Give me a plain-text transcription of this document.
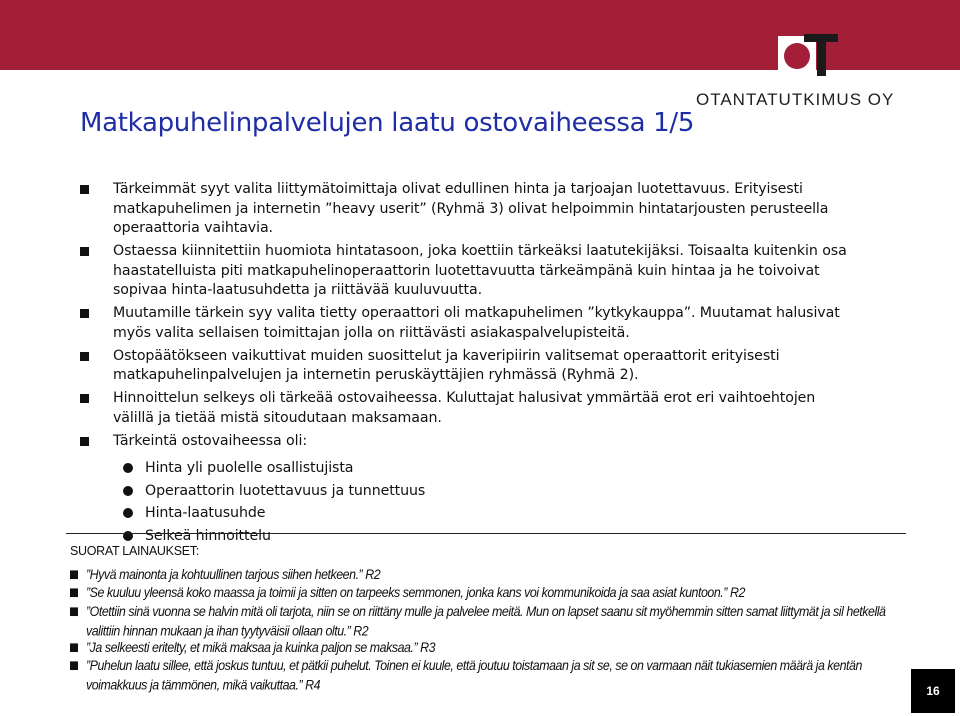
OTANTATUTKIMUS OY
Matkapuhelinpalvelujen laatu ostovaiheessa 1/5
Tärkeimmät syyt valita liittymätoimittaja olivat edullinen hinta ja tarjoajan luotettavuus. Erityisesti matkapuhelimen ja internetin ”heavy userit” (Ryhmä 3) olivat helpoimmin hintatarjousten perusteella operaattoria vaihtavia.
Ostaessa kiinnitettiin huomiota hintatasoon, joka koettiin tärkeäksi laatutekijäksi. Toisaalta kuitenkin osa haastatelluista piti matkapuhelinoperaattorin luotettavuutta tärkeämpänä kuin hintaa ja he toivoivat sopivaa hinta-laatusuhdetta ja riittävää kuuluvuutta.
Muutamille tärkein syy valita tietty operaattori oli matkapuhelimen ”kytkykauppa”. Muutamat halusivat myös valita sellaisen toimittajan jolla on riittävästi asiakaspalvelupisteitä.
Ostopäätökseen vaikuttivat muiden suosittelut ja kaveripiirin valitsemat operaattorit erityisesti matkapuhelinpalvelujen ja internetin peruskäyttäjien ryhmässä (Ryhmä 2).
Hinnoittelun selkeys oli tärkeää ostovaiheessa. Kuluttajat halusivat ymmärtää erot eri vaihtoehtojen välillä ja tietää mistä sitoudutaan maksamaan.
Tärkeintä ostovaiheessa oli:
Hinta yli puolelle osallistujista
Operaattorin luotettavuus ja tunnettuus
Hinta-laatusuhde
Selkeä hinnoittelu
SUORAT LAINAUKSET:
”Hyvä mainonta ja kohtuullinen tarjous siihen hetkeen.” R2
”Se kuuluu yleensä koko maassa ja toimii ja sitten on tarpeeks semmonen, jonka kans voi kommunikoida ja saa asiat kuntoon.” R2
”Otettiin sinä vuonna se halvin mitä oli tarjota, niin se on riittäny mulle ja palvelee meitä. Mun on lapset saanu sit myöhemmin sitten samat liittymät ja sil hetkellä valittiin hinnan mukaan ja ihan tyytyväisii ollaan oltu.” R2
”Ja selkeesti eritelty, et mikä maksaa ja kuinka paljon se maksaa.” R3
”Puhelun laatu sillee, että joskus tuntuu, et pätkii puhelut. Toinen ei kuule, että joutuu toistamaan ja sit se, se on varmaan näit tukiasemien määrä ja kentän voimakkuus ja tämmönen, mikä vaikuttaa.” R4	16
